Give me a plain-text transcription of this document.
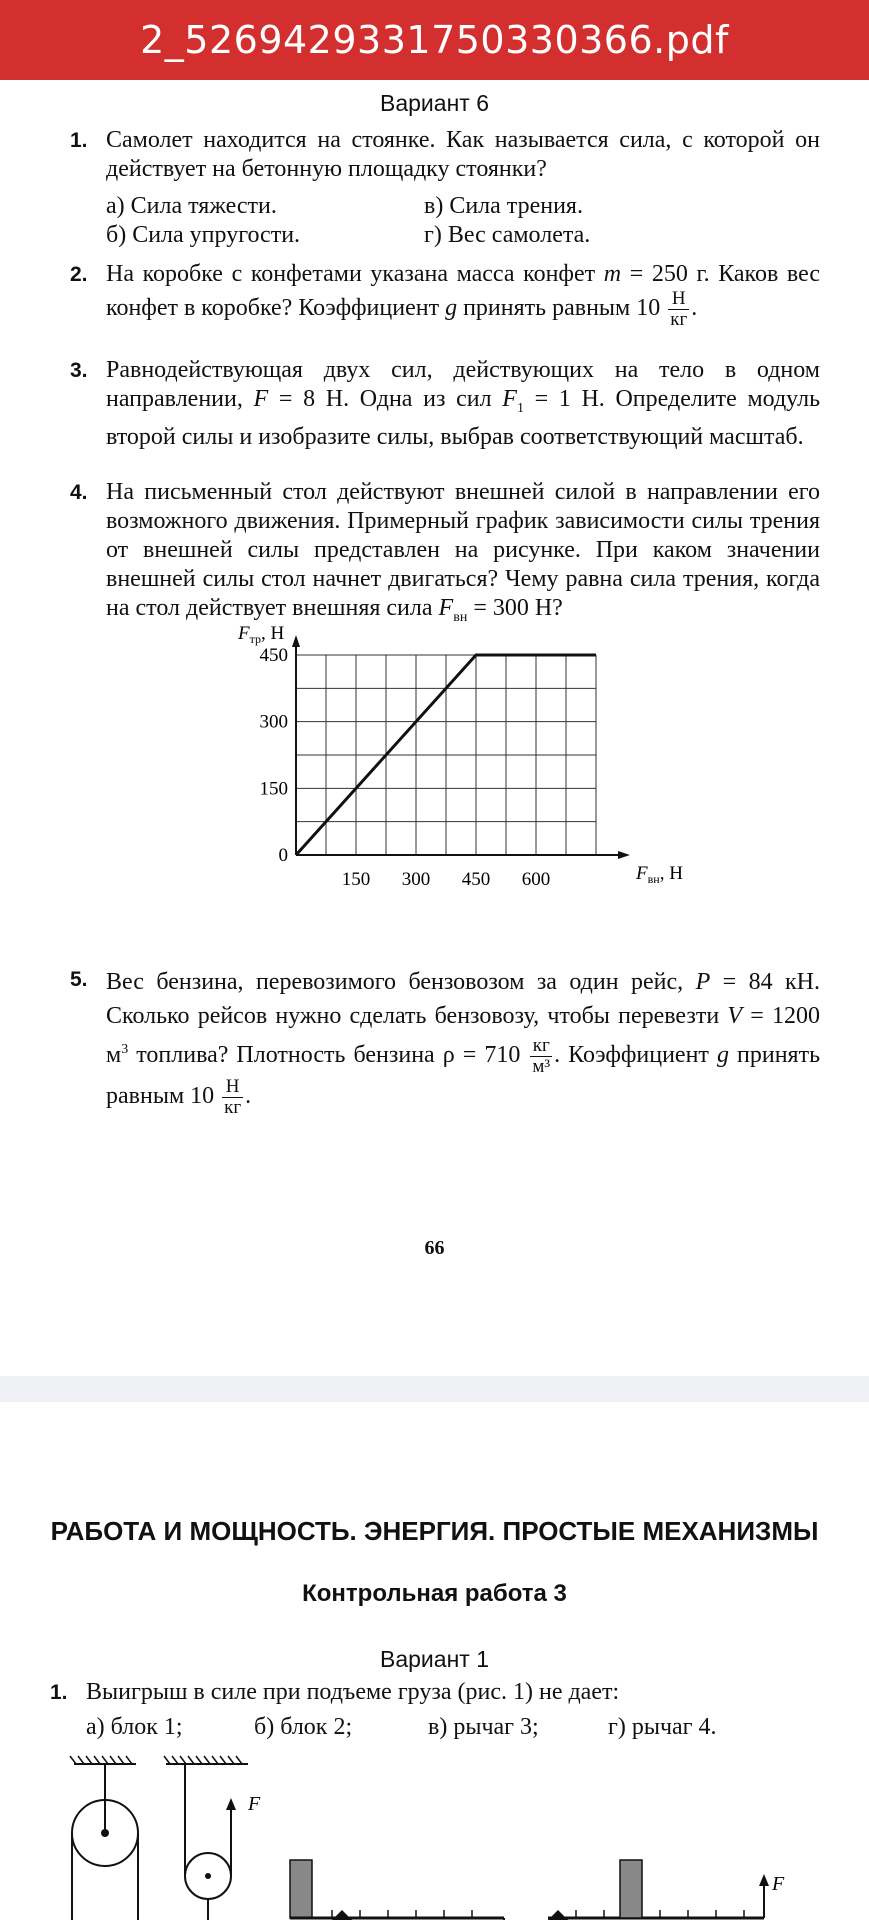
2_5269429331750330366.pdf
Вариант 6
1. Самолет находится на стоянке. Как называется сила, с которой он действует на бетонную площадку стоянки?
а) Сила тяжести.	в) Сила трения.
б) Сила упругости.	г) Вес самолета.
2. На коробке с конфетами указана масса конфет m = 250 г. Каков вес конфет в коробке? Коэффициент g принять равным $10 \frac{Н}{кг}$ .
3. Равнодействующая двух сил, действующих на тело в одном направлении, F = 8 Н. Одна из сил $F_1 = 1$ Н. Определите модуль второй силы и изобразите силы, выбрав соответствующий масштаб.
4. На письменный стол действуют внешней силой в направлении его возможного движения. Примерный график зависимости силы трения от внешней силы представлен на рисунке. При каком значении внешней силы стол начнет двигаться? Чему равна сила трения, когда на стол действует внешняя сила $F_{вн} = 300$ Н?
150 300 450 600
0
150
300
450
$F_{вн}$, Н
$F_{тр}$, Н
5. Вес бензина, перевозимого бензовозом за один рейс, P = 84 кН. Сколько рейсов нужно сделать бензовозу, чтобы перевезти V = 1200 $м^3$ топлива? Плотность бензина $\rho = 710 \frac{кг}{\text{м³}}$ . Коэффициент g принять равным $10 \frac{Н}{кг}$ .
66
РАБОТА И МОЩНОСТЬ. ЭНЕРГИЯ. ПРОСТЫЕ МЕХАНИЗМЫ
Контрольная работа 3
Вариант 1
1. Выигрыш в силе при подъеме груза (рис. 1) не дает:
а) блок 1;	б) блок 2;	в) рычаг 3;	г) рычаг 4.
F
F
